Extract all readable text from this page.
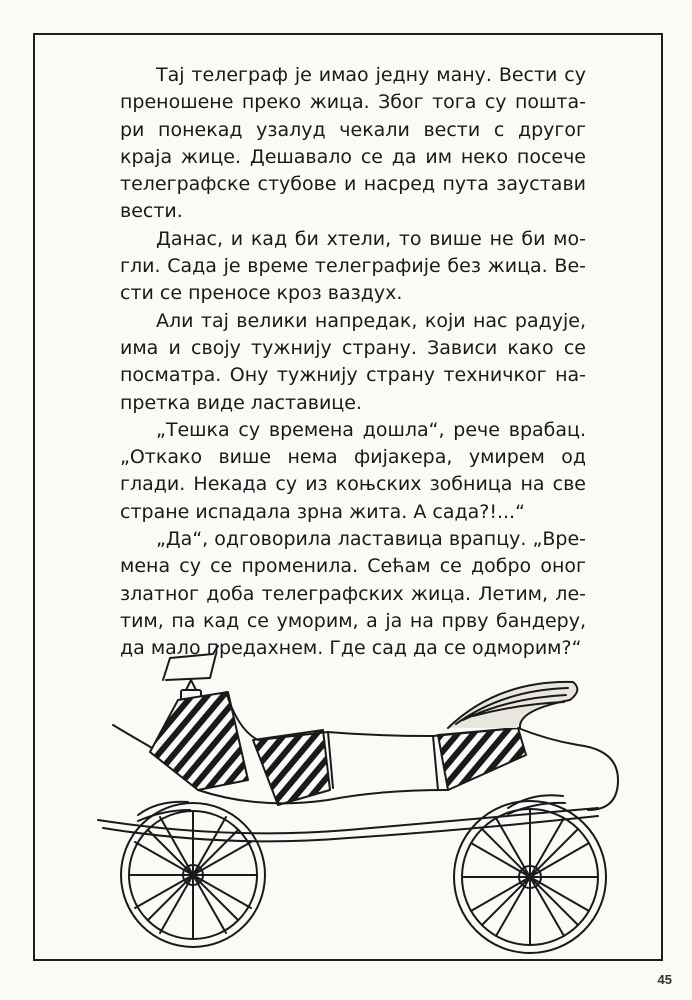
Тај телеграф је имао једну ману. Вести су преношене преко жица. Због тога су поштари понекад узалуд чекали вести с другог краја жице. Дешавало се да им неко посече телеграфске стубове и насред пута заустави вести.

Данас, и кад би хтели, то више не би могли. Сада је време телеграфије без жица. Вести се преносе кроз ваздух.

Али тај велики напредак, који нас радује, има и своју тужнију страну. Зависи како се посматра. Ону тужнију страну техничког напретка виде ластавице.

„Тешка су времена дошла“, рече врабац. „Откако више нема фијакера, умирем од глади. Некада су из коњских зобница на све стране испадала зрна жита. А сада?!...“

„Да“, одговорила ластавица врапцу. „Времена су се променила. Сећам се добро оног златног доба телеграфских жица. Летим, летим, па кад се уморим, а ја на прву бандеру, да мало предахнем. Где сад да се одморим?“

45
